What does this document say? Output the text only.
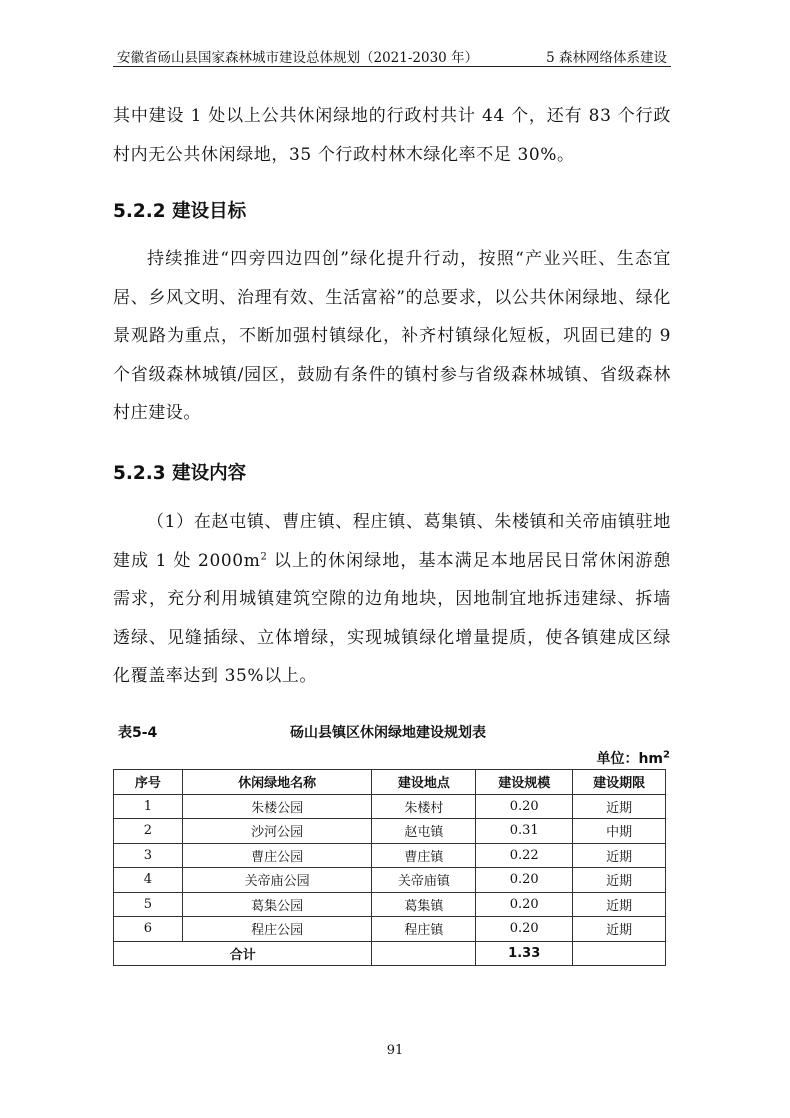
安徽省砀山县国家森林城市建设总体规划（2021-2030 年）	5 森林网络体系建设
其中建设 1 处以上公共休闲绿地的行政村共计 44 个，还有 83 个行政村内无公共休闲绿地，35 个行政村林木绿化率不足 30%。
5.2.2 建设目标
持续推进“四旁四边四创”绿化提升行动，按照“产业兴旺、生态宜居、乡风文明、治理有效、生活富裕”的总要求，以公共休闲绿地、绿化景观路为重点，不断加强村镇绿化，补齐村镇绿化短板，巩固已建的 9 个省级森林城镇/园区，鼓励有条件的镇村参与省级森林城镇、省级森林村庄建设。
5.2.3 建设内容
（1）在赵屯镇、曹庄镇、程庄镇、葛集镇、朱楼镇和关帝庙镇驻地建成 1 处 $2000m^2$ 以上的休闲绿地，基本满足本地居民日常休闲游憩需求，充分利用城镇建筑空隙的边角地块，因地制宜地拆违建绿、拆墙透绿、见缝插绿、立体增绿，实现城镇绿化增量提质，使各镇建成区绿化覆盖率达到 35%以上。
表5-4	砀山县镇区休闲绿地建设规划表
单位：$hm^2$
序号	休闲绿地名称	建设地点	建设规模	建设期限
1	朱楼公园	朱楼村	0.20	近期
2	沙河公园	赵屯镇	0.31	中期
3	曹庄公园	曹庄镇	0.22	近期
4	关帝庙公园	关帝庙镇	0.20	近期
5	葛集公园	葛集镇	0.20	近期
6	程庄公园	程庄镇	0.20	近期
合计			1.33	
91
